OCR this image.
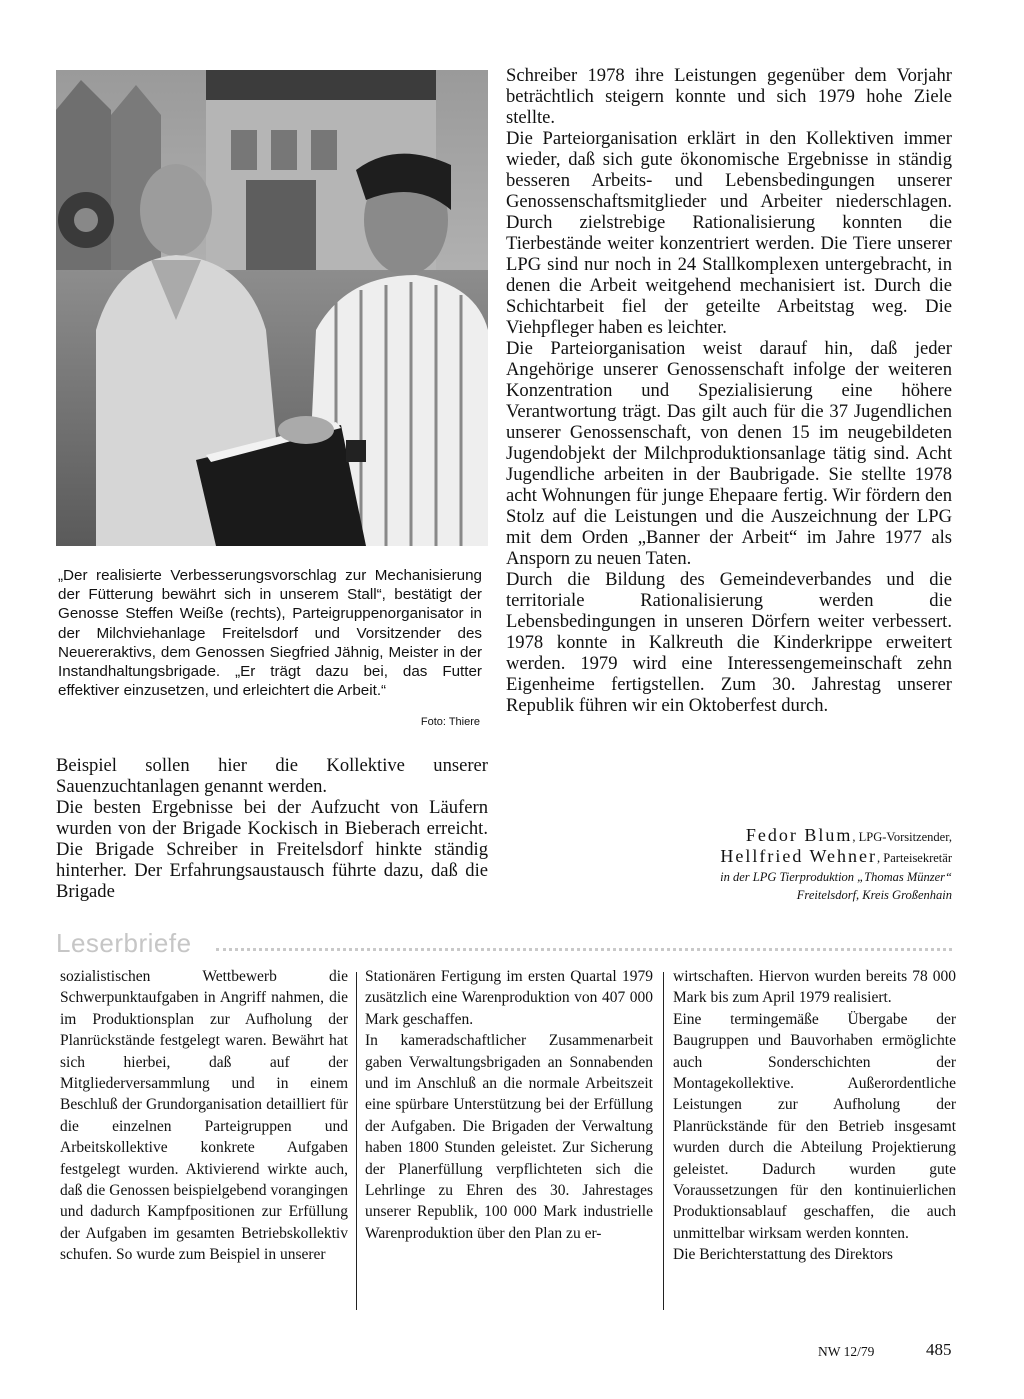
„Der realisierte Verbesserungsvorschlag zur Mechanisierung der Fütterung bewährt sich in unserem Stall“, bestätigt der Genosse Steffen Weiße (rechts), Parteigruppenorganisator in der Milchviehanlage Freitelsdorf und Vorsitzender des Neuereraktivs, dem Genossen Siegfried Jähnig, Meister in der Instandhaltungsbrigade. „Er trägt dazu bei, das Futter effektiver einzusetzen, und erleichtert die Arbeit.“

Foto: Thiere

Beispiel sollen hier die Kollektive unserer Sauenzuchtanlagen genannt werden.

Die besten Ergebnisse bei der Aufzucht von Läufern wurden von der Brigade Kockisch in Bieberach erreicht. Die Brigade Schreiber in Freitelsdorf hinkte ständig hinterher. Der Erfahrungsaustausch führte dazu, daß die Brigade

Schreiber 1978 ihre Leistungen gegenüber dem Vorjahr beträchtlich steigern konnte und sich 1979 hohe Ziele stellte.

Die Parteiorganisation erklärt in den Kollektiven immer wieder, daß sich gute ökonomische Ergebnisse in ständig besseren Arbeits- und Lebensbedingungen unserer Genossenschaftsmitglieder und Arbeiter niederschlagen. Durch zielstrebige Rationalisierung konnten die Tierbestände weiter konzentriert werden. Die Tiere unserer LPG sind nur noch in 24 Stallkomplexen untergebracht, in denen die Arbeit weitgehend mechanisiert ist. Durch die Schichtarbeit fiel der geteilte Arbeitstag weg. Die Viehpfleger haben es leichter.

Die Parteiorganisation weist darauf hin, daß jeder Angehörige unserer Genossenschaft infolge der weiteren Konzentration und Spezialisierung eine höhere Verantwortung trägt. Das gilt auch für die 37 Jugendlichen unserer Genossenschaft, von denen 15 im neugebildeten Jugendobjekt der Milchproduktionsanlage tätig sind. Acht Jugendliche arbeiten in der Baubrigade. Sie stellte 1978 acht Wohnungen für junge Ehepaare fertig. Wir fördern den Stolz auf die Leistungen und die Auszeichnung der LPG mit dem Orden „Banner der Arbeit“ im Jahre 1977 als Ansporn zu neuen Taten.

Durch die Bildung des Gemeindeverbandes und die territoriale Rationalisierung werden die Lebensbedingungen in unseren Dörfern weiter verbessert. 1978 konnte in Kalkreuth die Kinderkrippe erweitert werden. 1979 wird eine Interessengemeinschaft zehn Eigenheime fertigstellen. Zum 30. Jahrestag unserer Republik führen wir ein Oktoberfest durch.

Fedor Blum, LPG-Vorsitzender,
Hellfried Wehner, Parteisekretär
in der LPG Tierproduktion „Thomas Münzer“
Freitelsdorf, Kreis Großenhain
Leserbriefe

sozialistischen Wettbewerb die Schwerpunktaufgaben in Angriff nahmen, die im Produktionsplan zur Aufholung der Planrückstände festgelegt waren. Bewährt hat sich hierbei, daß auf der Mitgliederversammlung und in einem Beschluß der Grundorganisation detailliert für die einzelnen Parteigruppen und Arbeitskollektive konkrete Aufgaben festgelegt wurden. Aktivierend wirkte auch, daß die Genossen beispielgebend vorangingen und dadurch Kampfpositionen zur Erfüllung der Aufgaben im gesamten Betriebskollektiv schufen. So wurde zum Beispiel in unserer

Stationären Fertigung im ersten Quartal 1979 zusätzlich eine Warenproduktion von 407 000 Mark geschaffen.

In kameradschaftlicher Zusammenarbeit gaben Verwaltungsbrigaden an Sonnabenden und im Anschluß an die normale Arbeitszeit eine spürbare Unterstützung bei der Erfüllung der Aufgaben. Die Brigaden der Verwaltung haben 1800 Stunden geleistet. Zur Sicherung der Planerfüllung verpflichteten sich die Lehrlinge zu Ehren des 30. Jahrestages unserer Republik, 100 000 Mark industrielle Warenproduktion über den Plan zu er-

wirtschaften. Hiervon wurden bereits 78 000 Mark bis zum April 1979 realisiert.

Eine termingemäße Übergabe der Baugruppen und Bauvorhaben ermöglichte auch Sonderschichten der Montagekollektive. Außerordentliche Leistungen zur Aufholung der Planrückstände für den Betrieb insgesamt wurden durch die Abteilung Projektierung geleistet. Dadurch wurden gute Voraussetzungen für den kontinuierlichen Produktionsablauf geschaffen, die auch unmittelbar wirksam werden konnten.

Die Berichterstattung des Direktors

NW 12/79	485
